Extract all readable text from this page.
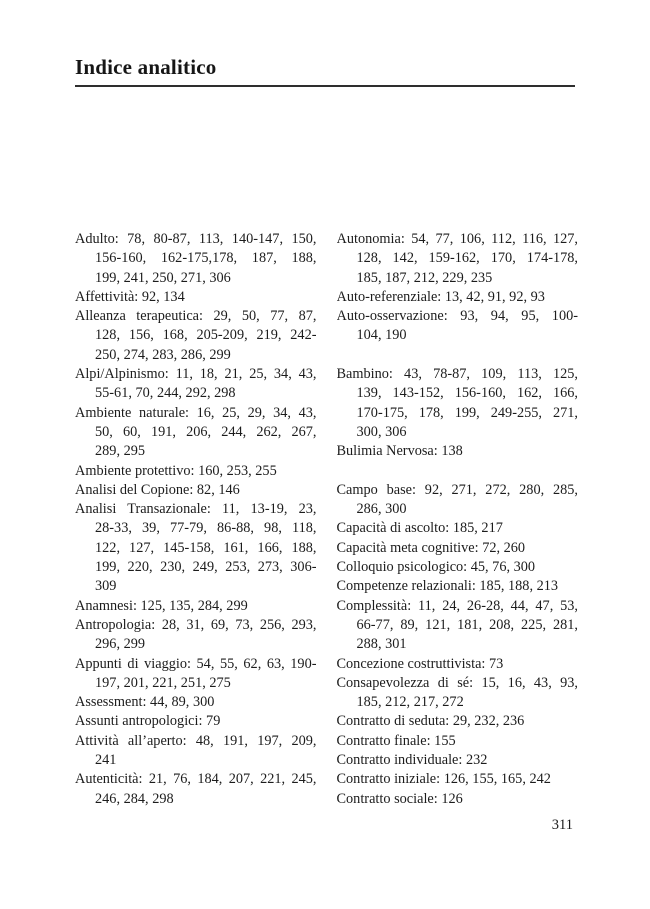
Indice analitico
Adulto: 78, 80-87, 113, 140-147, 150,
156-160, 162-175,178, 187, 188,
199, 241, 250, 271, 306
Affettività: 92, 134
Alleanza terapeutica: 29, 50, 77, 87,
128, 156, 168, 205-209, 219, 242-
250, 274, 283, 286, 299
Alpi/Alpinismo: 11, 18, 21, 25, 34, 43,
55-61, 70, 244, 292, 298
Ambiente naturale: 16, 25, 29, 34, 43,
50, 60, 191, 206, 244, 262, 267,
289, 295
Ambiente protettivo: 160, 253, 255
Analisi del Copione: 82, 146
Analisi Transazionale: 11, 13-19, 23,
28-33, 39, 77-79, 86-88, 98, 118,
122, 127, 145-158, 161, 166, 188,
199, 220, 230, 249, 253, 273, 306-
309
Anamnesi: 125, 135, 284, 299
Antropologia: 28, 31, 69, 73, 256, 293,
296, 299
Appunti di viaggio: 54, 55, 62, 63, 190-
197, 201, 221, 251, 275
Assessment: 44, 89, 300
Assunti antropologici: 79
Attività all’aperto: 48, 191, 197, 209,
241
Autenticità: 21, 76, 184, 207, 221, 245,
246, 284, 298
Autonomia: 54, 77, 106, 112, 116, 127,
128, 142, 159-162, 170, 174-178,
185, 187, 212, 229, 235
Auto-referenziale: 13, 42, 91, 92, 93
Auto-osservazione: 93, 94, 95, 100-
104, 190
Bambino: 43, 78-87, 109, 113, 125,
139, 143-152, 156-160, 162, 166,
170-175, 178, 199, 249-255, 271,
300, 306
Bulimia Nervosa: 138
Campo base: 92, 271, 272, 280, 285,
286, 300
Capacità di ascolto: 185, 217
Capacità meta cognitive: 72, 260
Colloquio psicologico: 45, 76, 300
Competenze relazionali: 185, 188, 213
Complessità: 11, 24, 26-28, 44, 47, 53,
66-77, 89, 121, 181, 208, 225, 281,
288, 301
Concezione costruttivista: 73
Consapevolezza di sé: 15, 16, 43, 93,
185, 212, 217, 272
Contratto di seduta: 29, 232, 236
Contratto finale: 155
Contratto individuale: 232
Contratto iniziale: 126, 155, 165, 242
Contratto sociale: 126
311
